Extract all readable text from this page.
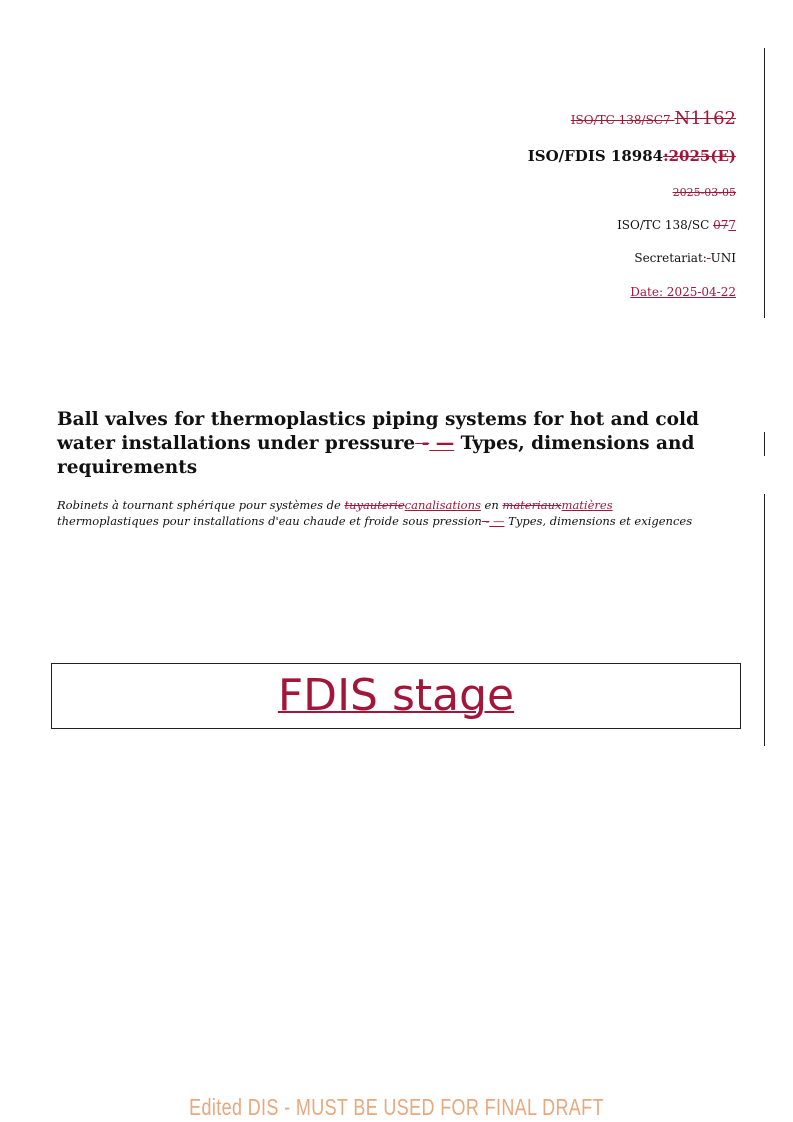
ISO/TC 138/SC7 N1162
ISO/FDIS 18984:2025(E)
2025-03-05
ISO/TC 138/SC 077
Secretariat: UNI
Date: 2025-04-22

Ball valves for thermoplastics piping systems for hot and cold water installations under pressure - — Types, dimensions and requirements

Robinets à tournant sphérique pour systèmes de tuyauteriecanalisations en materiauxmatières
thermoplastiques pour installations d'eau chaude et froide sous pression - — Types, dimensions et exigences

FDIS stage
Edited DIS - MUST BE USED FOR FINAL DRAFT
